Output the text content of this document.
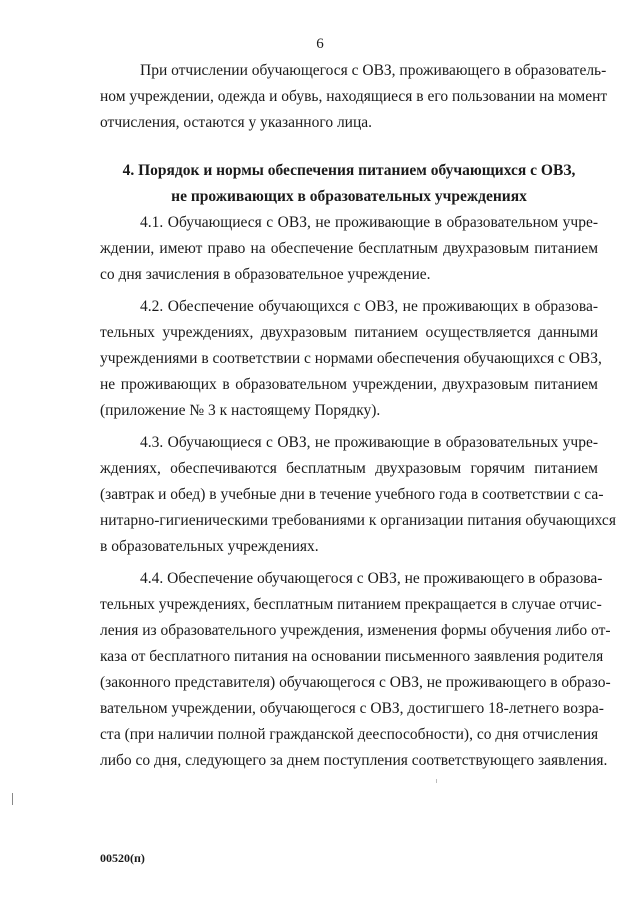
6
При отчислении обучающегося с ОВЗ, проживающего в образователь-
ном учреждении, одежда и обувь, находящиеся в его пользовании на момент
отчисления, остаются у указанного лица.
4. Порядок и нормы обеспечения питанием обучающихся с ОВЗ,
не проживающих в образовательных учреждениях
4.1. Обучающиеся с ОВЗ, не проживающие в образовательном учре-
ждении, имеют право на обеспечение бесплатным двухразовым питанием
со дня зачисления в образовательное учреждение.
4.2. Обеспечение обучающихся с ОВЗ, не проживающих в образова-
тельных учреждениях, двухразовым питанием осуществляется данными
учреждениями в соответствии с нормами обеспечения обучающихся с ОВЗ,
не проживающих в образовательном учреждении, двухразовым питанием
(приложение № 3 к настоящему Порядку).
4.3. Обучающиеся с ОВЗ, не проживающие в образовательных учре-
ждениях, обеспечиваются бесплатным двухразовым горячим питанием
(завтрак и обед) в учебные дни в течение учебного года в соответствии с са-
нитарно-гигиеническими требованиями к организации питания обучающихся
в образовательных учреждениях.
4.4. Обеспечение обучающегося с ОВЗ, не проживающего в образова-
тельных учреждениях, бесплатным питанием прекращается в случае отчис-
ления из образовательного учреждения, изменения формы обучения либо от-
каза от бесплатного питания на основании письменного заявления родителя
(законного представителя) обучающегося с ОВЗ, не проживающего в образо-
вательном учреждении, обучающегося с ОВЗ, достигшего 18-летнего возра-
ста (при наличии полной гражданской дееспособности), со дня отчисления
либо со дня, следующего за днем поступления соответствующего заявления.
00520(п)
